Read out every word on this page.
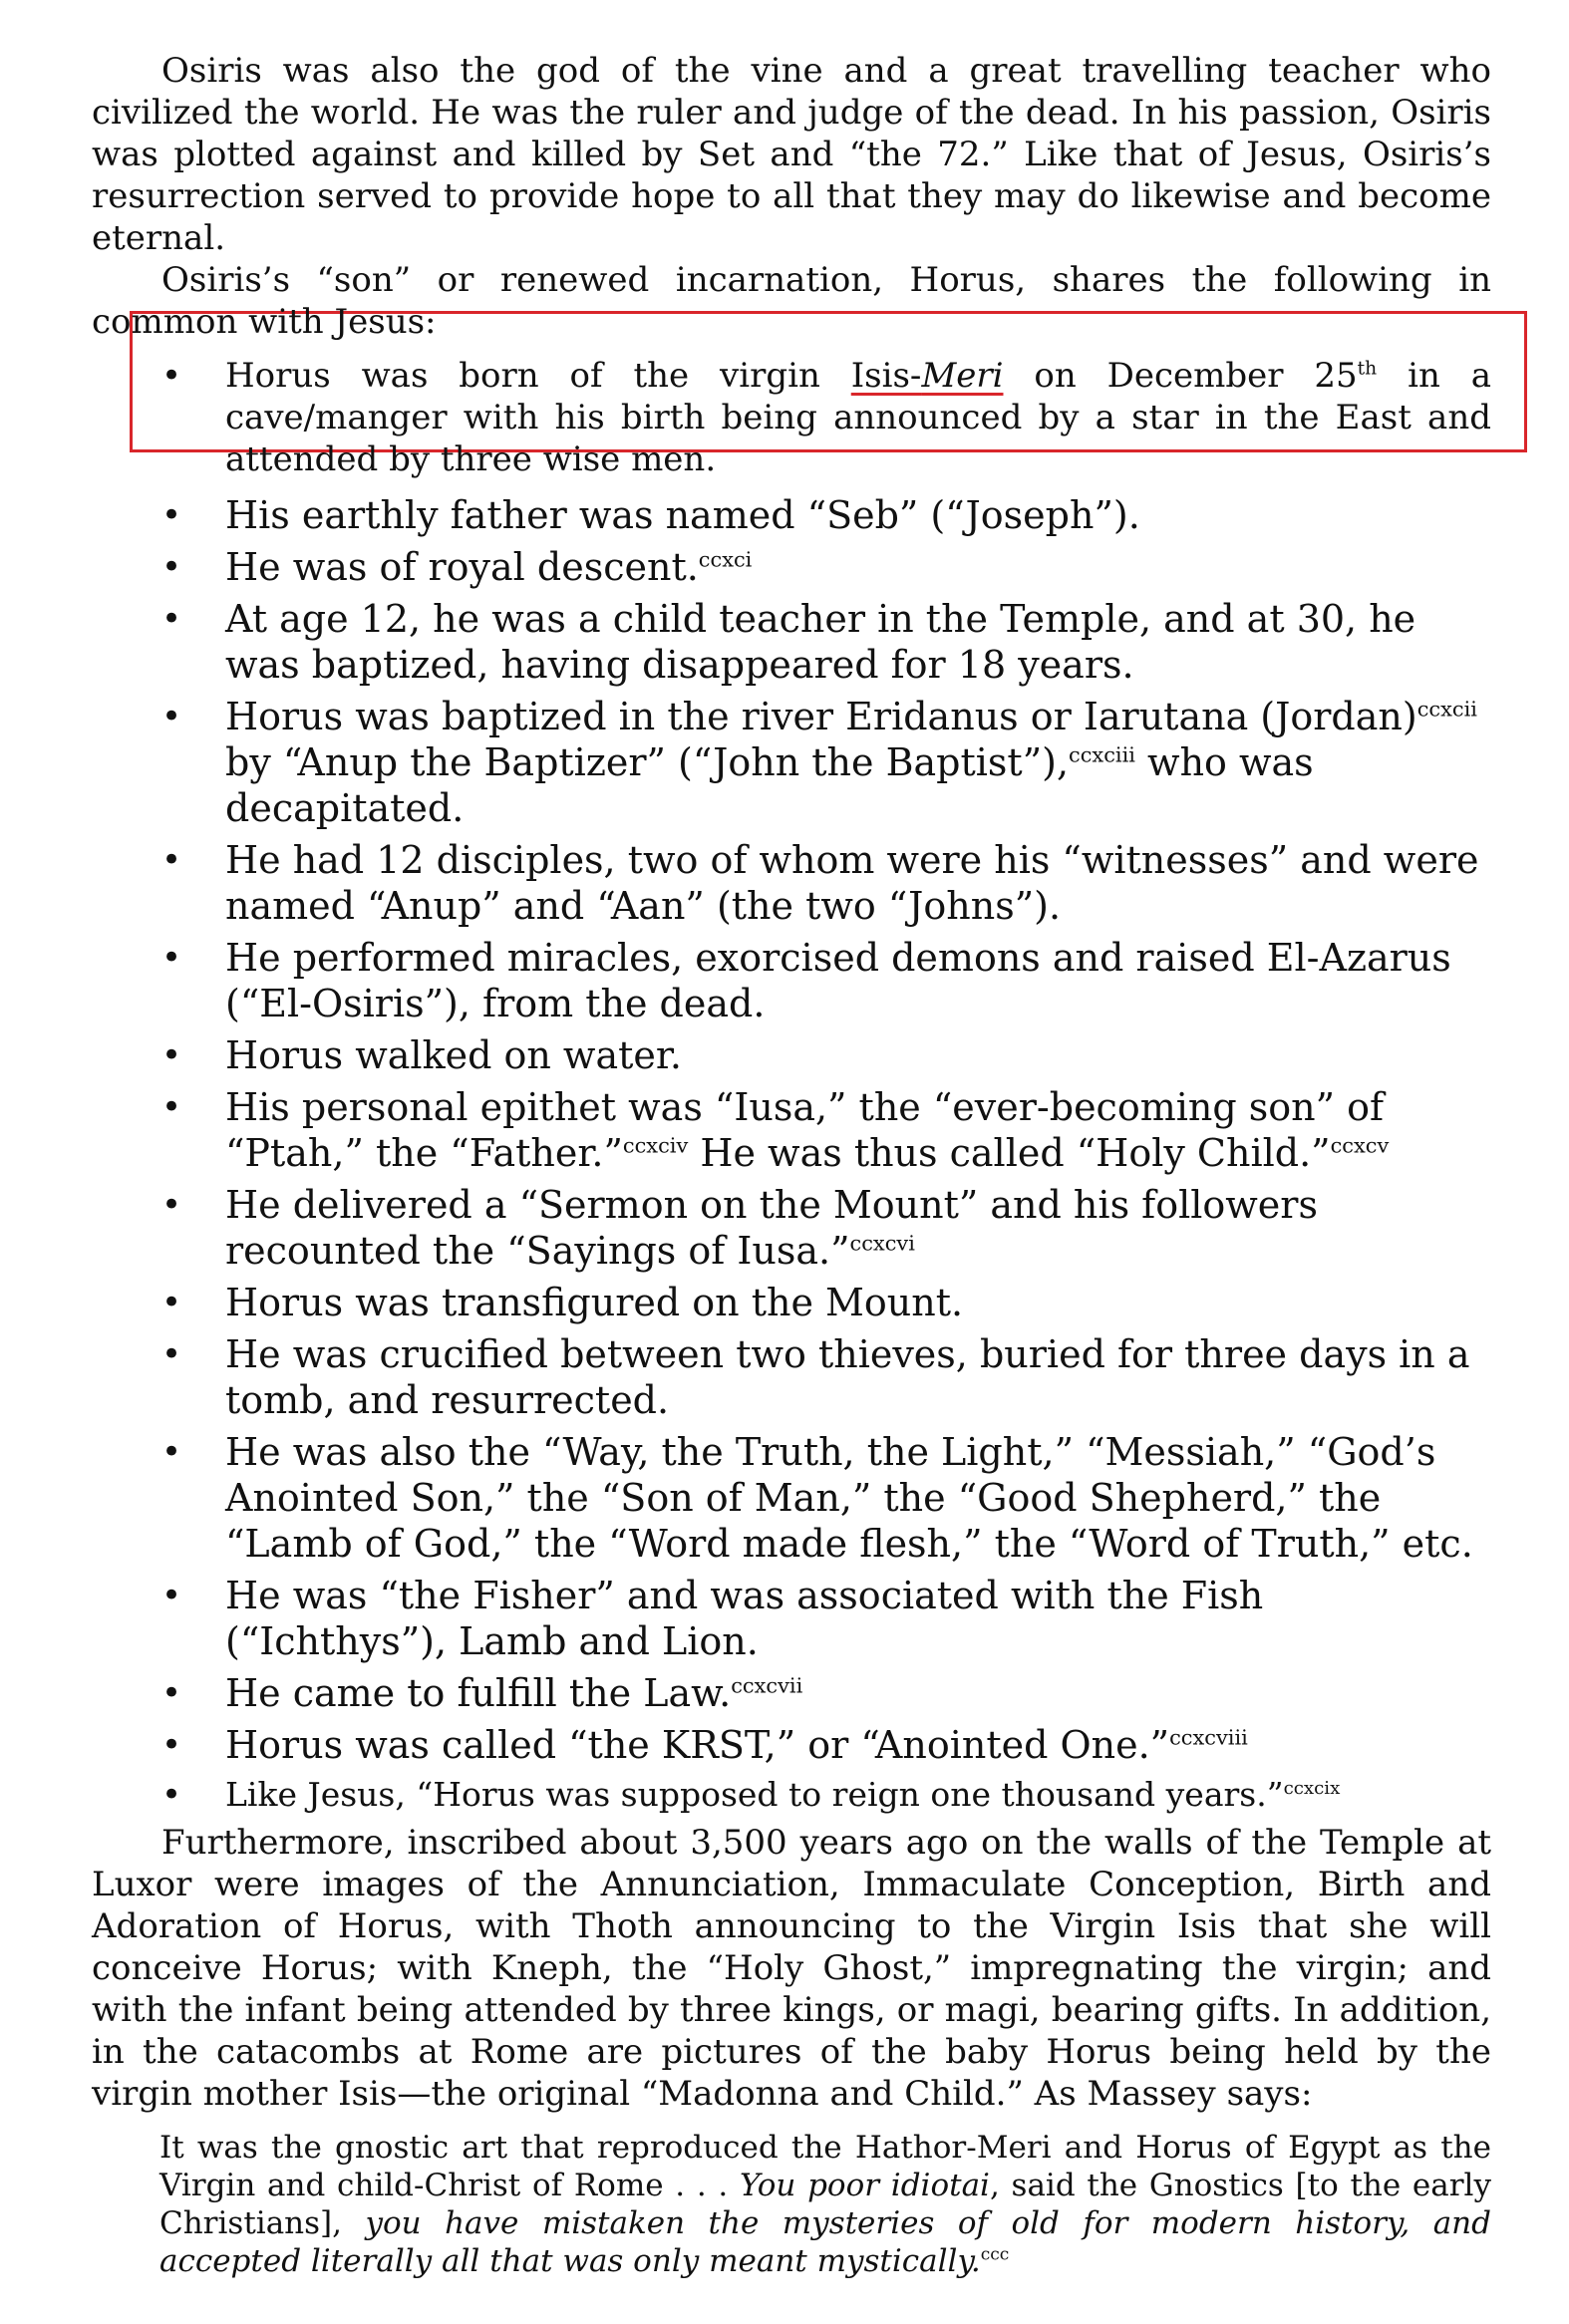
Osiris was also the god of the vine and a great travelling teacher who civilized the world. He was the ruler and judge of the dead. In his passion, Osiris was plotted against and killed by Set and “the 72.” Like that of Jesus, Osiris’s resurrection served to provide hope to all that they may do likewise and become eternal.

Osiris’s “son” or renewed incarnation, Horus, shares the following in common with Jesus:

• Horus was born of the virgin Isis-Meri on December 25th in a cave/manger with his birth being announced by a star in the East and attended by three wise men.
• His earthly father was named “Seb” (“Joseph”).
• He was of royal descent.$^{ccxci}$
• At age 12, he was a child teacher in the Temple, and at 30, he was baptized, having disappeared for 18 years.
• Horus was baptized in the river Eridanus or Iarutana (Jordan)$^{ccxcii}$ by “Anup the Baptizer” (“John the Baptist”),$^{ccxciii}$ who was decapitated.
• He had 12 disciples, two of whom were his “witnesses” and were named “Anup” and “Aan” (the two “Johns”).
• He performed miracles, exorcised demons and raised El-Azarus (“El-Osiris”), from the dead.
• Horus walked on water.
• His personal epithet was “Iusa,” the “ever-becoming son” of “Ptah,” the “Father.”$^{ccxciv}$ He was thus called “Holy Child.”$^{ccxcv}$
• He delivered a “Sermon on the Mount” and his followers recounted the “Sayings of Iusa.”$^{ccxcvi}$
• Horus was transfigured on the Mount.
• He was crucified between two thieves, buried for three days in a tomb, and resurrected.
• He was also the “Way, the Truth, the Light,” “Messiah,” “God’s Anointed Son,” the “Son of Man,” the “Good Shepherd,” the “Lamb of God,” the “Word made flesh,” the “Word of Truth,” etc.
• He was “the Fisher” and was associated with the Fish (“Ichthys”), Lamb and Lion.
• He came to fulfill the Law.$^{ccxcvii}$
• Horus was called “the KRST,” or “Anointed One.”$^{ccxcviii}$
• Like Jesus, “Horus was supposed to reign one thousand years.”$^{ccxcix}$

Furthermore, inscribed about 3,500 years ago on the walls of the Temple at Luxor were images of the Annunciation, Immaculate Conception, Birth and Adoration of Horus, with Thoth announcing to the Virgin Isis that she will conceive Horus; with Kneph, the “Holy Ghost,” impregnating the virgin; and with the infant being attended by three kings, or magi, bearing gifts. In addition, in the catacombs at Rome are pictures of the baby Horus being held by the virgin mother Isis—the original “Madonna and Child.” As Massey says:

It was the gnostic art that reproduced the Hathor-Meri and Horus of Egypt as the Virgin and child-Christ of Rome . . . You poor idiotai, said the Gnostics [to the early Christians], you have mistaken the mysteries of old for modern history, and accepted literally all that was only meant mystically.$^{ccc}$
